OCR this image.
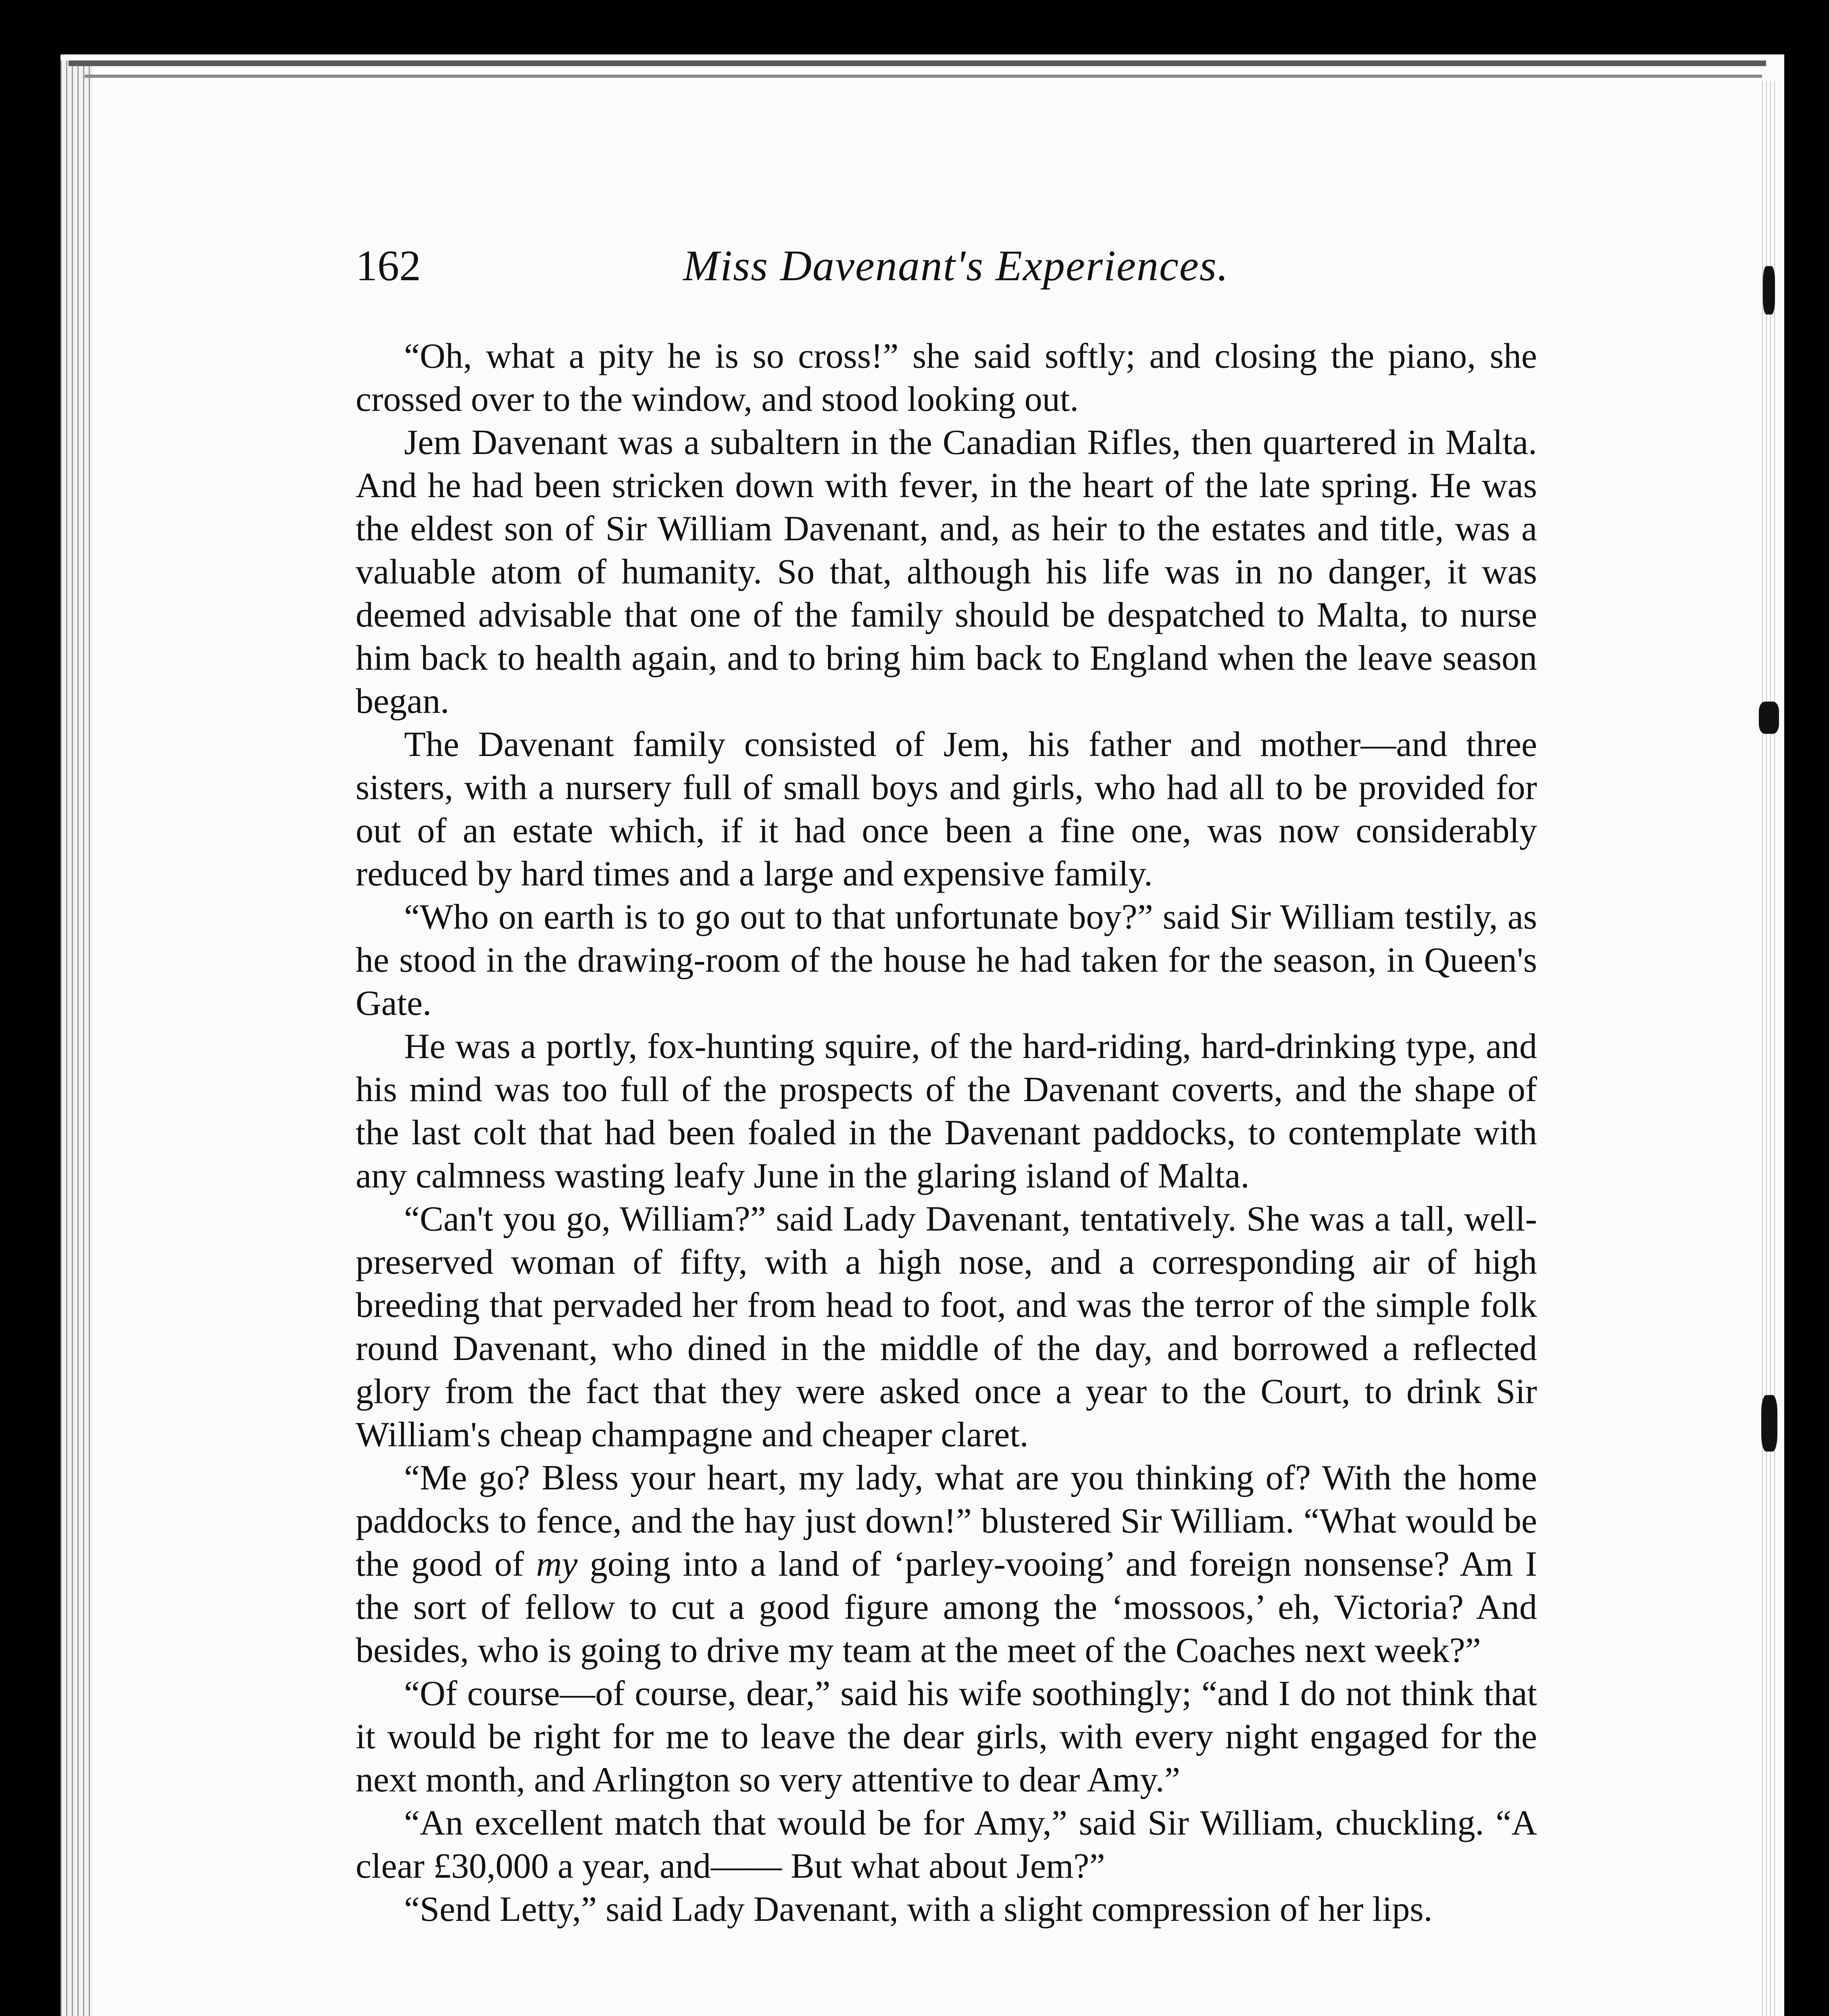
162	Miss Davenant's Experiences.

“Oh, what a pity he is so cross!” she said softly; and closing the piano, she crossed over to the window, and stood looking out.

Jem Davenant was a subaltern in the Canadian Rifles, then quartered in Malta. And he had been stricken down with fever, in the heart of the late spring. He was the eldest son of Sir William Davenant, and, as heir to the estates and title, was a valuable atom of humanity. So that, although his life was in no danger, it was deemed advisable that one of the family should be despatched to Malta, to nurse him back to health again, and to bring him back to England when the leave season began.

The Davenant family consisted of Jem, his father and mother—and three sisters, with a nursery full of small boys and girls, who had all to be provided for out of an estate which, if it had once been a fine one, was now considerably reduced by hard times and a large and expensive family.

“Who on earth is to go out to that unfortunate boy?” said Sir William testily, as he stood in the drawing-room of the house he had taken for the season, in Queen's Gate.

He was a portly, fox-hunting squire, of the hard-riding, hard-drinking type, and his mind was too full of the prospects of the Davenant coverts, and the shape of the last colt that had been foaled in the Davenant paddocks, to contemplate with any calmness wasting leafy June in the glaring island of Malta.

“Can't you go, William?” said Lady Davenant, tentatively. She was a tall, well-preserved woman of fifty, with a high nose, and a corresponding air of high breeding that pervaded her from head to foot, and was the terror of the simple folk round Davenant, who dined in the middle of the day, and borrowed a reflected glory from the fact that they were asked once a year to the Court, to drink Sir William's cheap champagne and cheaper claret.

“Me go? Bless your heart, my lady, what are you thinking of? With the home paddocks to fence, and the hay just down!” blustered Sir William. “What would be the good of my going into a land of ‘parley-vooing’ and foreign nonsense? Am I the sort of fellow to cut a good figure among the ‘mossoos,’ eh, Victoria? And besides, who is going to drive my team at the meet of the Coaches next week?”

“Of course—of course, dear,” said his wife soothingly; “and I do not think that it would be right for me to leave the dear girls, with every night engaged for the next month, and Arlington so very attentive to dear Amy.”

“An excellent match that would be for Amy,” said Sir William, chuckling. “A clear £30,000 a year, and—— But what about Jem?”

“Send Letty,” said Lady Davenant, with a slight compression of her lips.
